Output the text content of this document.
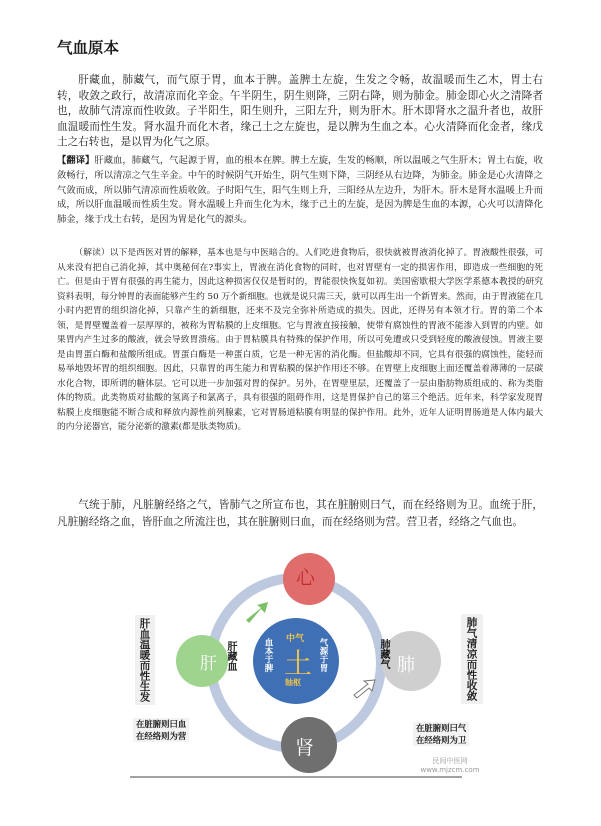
气血原本

肝藏血，肺藏气，而气原于胃，血本于脾。盖脾土左旋，生发之令畅，故温暖而生乙木，胃土右转，收敛之政行，故清凉而化辛金。午半阴生，阴生则降，三阴右降，则为肺金。肺金即心火之清降者也，故肺气清凉而性收敛。子半阳生，阳生则升，三阳左升，则为肝木。肝木即肾水之温升者也，故肝血温暖而性生发。肾水温升而化木者，缘己土之左旋也，是以脾为生血之本。心火清降而化金者，缘戊土之右转也，是以胃为化气之原。

【翻译】肝藏血，肺藏气，气起源于胃，血的根本在脾。脾土左旋，生发的畅顺，所以温暖之气生肝木；胃土右旋，收敛畅行，所以清凉之气生辛金。中午的时候阴气开始生，阴气生则下降，三阴经从右边降，为肺金。肺金是心火清降之气敛而成，所以肺气清凉而性质收敛。子时阳气生，阳气生则上升，三阳经从左边升，为肝木。肝木是肾水温暖上升而成，所以肝血温暖而性质生发。肾水温暖上升而生化为木，缘于己土的左旋，是因为脾是生血的本源，心火可以清降化肺金，缘于戊土右转，是因为胃是化气的源头。

（解读）以下是西医对胃的解释，基本也是与中医暗合的。人们吃进食物后，很快就被胃液消化掉了。胃液酸性很强，可从来没有把自己消化掉，其中奥秘何在?事实上，胃液在消化食物的同时，也对胃壁有一定的损害作用，即造成一些细胞的死亡。但是由于胃有很强的再生能力，因此这种损害仅仅是暂时的，胃能很快恢复如初。美国密歇根大学医学系德本教授的研究资料表明，每分钟胃的表面能够产生约 50 万个新细胞。也就是说只需三天，就可以再生出一个新胃来。然而，由于胃液能在几小时内把胃的组织溶化掉，只靠产生的新细胞，还来不及完全弥补所造成的损失。因此，还得另有本领才行。胃的第二个本领，是胃壁覆盖着一层厚厚的，被称为胃粘膜的上皮细胞。它与胃液直接接触，使带有腐蚀性的胃液不能渗入到胃的内壁。如果胃内产生过多的酸液，就会导致胃溃疡。由于胃粘膜具有特殊的保护作用，所以可免遭或只受到轻度的酸液侵蚀。胃液主要是由胃蛋白酶和盐酸所组成。胃蛋白酶是一种蛋白质，它是一种无害的消化酶。但盐酸却不同，它具有很强的腐蚀性，能轻而易举地毁坏胃的组织细胞。因此，只靠胃的再生能力和胃粘膜的保护作用还不够。在胃壁上皮细胞上面还覆盖着薄薄的一层碳水化合物，即所谓的糖体层。它可以进一步加强对胃的保护。另外，在胃壁里层，还覆盖了一层由脂肪物质组成的、称为类脂体的物质。此类物质对盐酸的氢离子和氯离子，具有很强的阻碍作用，这是胃保护自己的第三个绝活。近年来，科学家发现胃粘膜上皮细胞能不断合成和释放内源性前列腺素，它对胃肠道粘膜有明显的保护作用。此外，近年人证明胃肠道是人体内最大的内分泌器官，能分泌新的激素(都是肽类物质)。

气统于肺，凡脏腑经络之气，皆肺气之所宣布也，其在脏腑则曰气，而在经络则为卫。血统于肝，凡脏腑经络之血，皆肝血之所流注也，其在脏腑则曰血，而在经络则为营。营卫者，经络之气血也。

心
肝	肺
肾
中气
土
轴枢
血本于脾	气源于胃
肝藏血	肺藏气
肝血温暖而性生发	肺气清凉而性收敛
在脏腑则曰血
在经络则为营
在脏腑则曰气
在经络则为卫
民间中医网
www.mjzcm.com
